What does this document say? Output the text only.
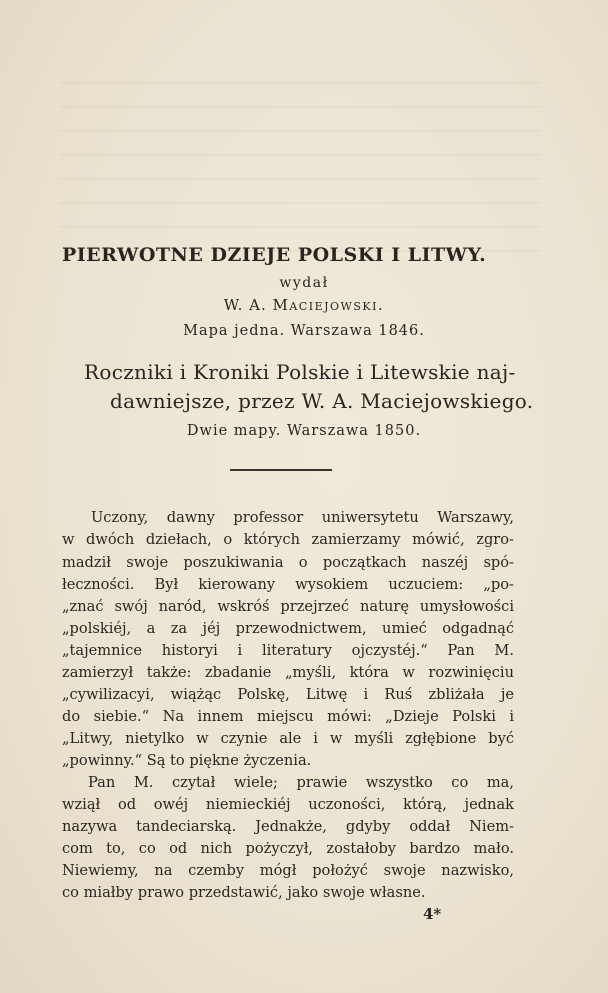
PIERWOTNE DZIEJE POLSKI I LITWY.
wydał
W. A. Maciejowski.
Mapa jedna. Warszawa 1846.
Roczniki i Kroniki Polskie i Litewskie naj-
dawniejsze, przez W. A. Maciejowskiego.
Dwie mapy. Warszawa 1850.
Uczony, dawny professor uniwersytetu Warszawy,
w dwóch dziełach, o których zamierzamy mówić, zgro-
madził swoje poszukiwania o początkach naszéj spó-
łeczności. Był kierowany wysokiem uczuciem: „po-
„znać swój naród, wskróś przejrzeć naturę umysłowości
„polskiéj, a za jéj przewodnictwem, umieć odgadnąć
„tajemnice historyi i literatury ojczystéj.“ Pan M.
zamierzył także: zbadanie „myśli, która w rozwinięciu
„cywilizacyi, wiążąc Polskę, Litwę i Ruś zbliżała je
do siebie.“ Na innem miejscu mówi: „Dzieje Polski i
„Litwy, nietylko w czynie ale i w myśli zgłębione być
„powinny.“ Są to piękne życzenia.
Pan M. czytał wiele; prawie wszystko co ma,
wziął od owéj niemieckiéj uczoności, którą, jednak
nazywa tandeciarską. Jednakże, gdyby oddał Niem-
com to, co od nich pożyczył, zostałoby bardzo mało.
Niewiemy, na czemby mógł położyć swoje nazwisko,
co miałby prawo przedstawić, jako swoje własne.
4*
